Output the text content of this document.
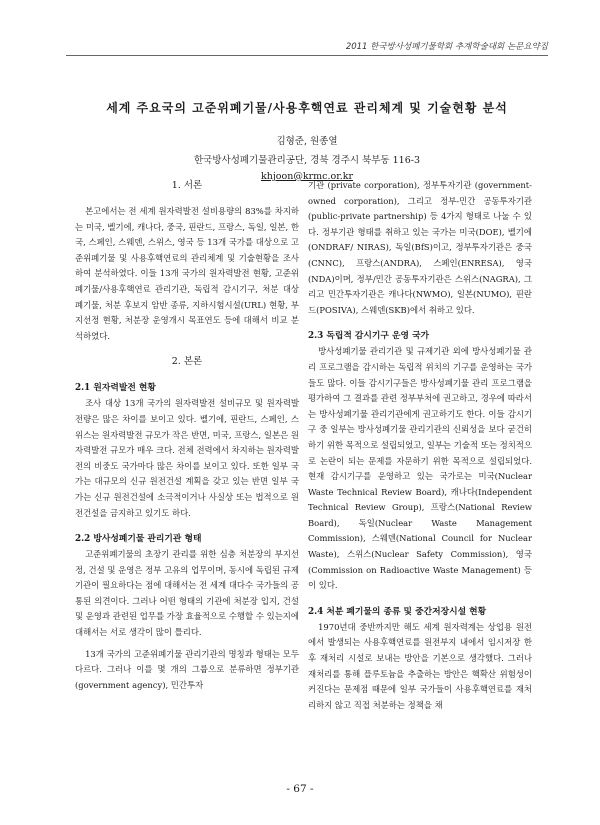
2011 한국방사성폐기물학회 추계학술대회 논문요약집

세계 주요국의 고준위폐기물/사용후핵연료 관리체계 및 기술현황 분석

김형준, 원종열

한국방사성폐기물관리공단, 경북 경주시 북부동 116-3

khjoon@krmc.or.kr

1. 서론

본고에서는 전 세계 원자력발전 설비용량의 83%를 차지하는 미국, 벨기에, 캐나다, 중국, 핀란드, 프랑스, 독일, 일본, 한국, 스페인, 스웨덴, 스위스, 영국 등 13개 국가를 대상으로 고준위폐기물 및 사용후핵연료의 관리체계 및 기술현황을 조사하여 분석하였다. 이들 13개 국가의 원자력발전 현황, 고준위폐기물/사용후핵연료 관리기관, 독립적 감시기구, 처분 대상 폐기물, 처분 후보지 암반 종류, 지하시험시설(URL) 현황, 부지선정 현황, 처분장 운영개시 목표연도 등에 대해서 비교 분석하였다.

2. 본론

2.1 원자력발전 현황

조사 대상 13개 국가의 원자력발전 설비규모 및 원자력발전량은 많은 차이를 보이고 있다. 벨기에, 핀란드, 스페인, 스위스는 원자력발전 규모가 작은 반면, 미국, 프랑스, 일본은 원자력발전 규모가 매우 크다. 전체 전력에서 차지하는 원자력발전의 비중도 국가마다 많은 차이를 보이고 있다. 또한 일부 국가는 대규모의 신규 원전건설 계획을 갖고 있는 반면 일부 국가는 신규 원전건설에 소극적이거나 사실상 또는 법적으로 원전건설을 금지하고 있기도 하다.

2.2 방사성폐기물 관리기관 형태

고준위폐기물의 초장기 관리를 위한 심층 처분장의 부지선정, 건설 및 운영은 정부 고유의 업무이며, 동시에 독립된 규제기관이 필요하다는 점에 대해서는 전 세계 대다수 국가들의 공통된 의견이다. 그러나 어떤 형태의 기관에 처분장 입지, 건설 및 운영과 관련된 업무를 가장 효율적으로 수행할 수 있는지에 대해서는 서로 생각이 많이 틀리다.

13개 국가의 고준위폐기물 관리기관의 명칭과 형태는 모두 다르다. 그러나 이를 몇 개의 그룹으로 분류하면 정부기관 (government agency), 민간투자

기관 (private corporation), 정부투자기관 (government-owned corporation), 그리고 정부-민간 공동투자기관 (public-private partnership) 등 4가지 형태로 나눌 수 있다. 정부기관 형태를 취하고 있는 국가는 미국(DOE), 벨기에(ONDRAF/ NIRAS), 독일(BfS)이고, 정부투자기관은 중국(CNNC), 프랑스(ANDRA), 스페인(ENRESA), 영국(NDA)이며, 정부/민간 공동투자기관은 스위스(NAGRA), 그리고 민간투자기관은 캐나다(NWMO), 일본(NUMO), 핀란드(POSIVA), 스웨덴(SKB)에서 취하고 있다.

2.3 독립적 감시기구 운영 국가

방사성폐기물 관리기관 및 규제기관 외에 방사성폐기물 관리 프로그램을 감시하는 독립적 위치의 기구를 운영하는 국가들도 많다. 이들 감시기구들은 방사성폐기물 관리 프로그램을 평가하여 그 결과를 관련 정부부처에 권고하고, 경우에 따라서는 방사성폐기물 관리기관에게 권고하기도 한다. 이들 감시기구 중 일부는 방사성폐기물 관리기관의 신뢰성을 보다 굳건히 하기 위한 목적으로 설립되었고, 일부는 기술적 또는 정치적으로 논란이 되는 문제를 자문하기 위한 목적으로 설립되었다. 현재 감시기구를 운영하고 있는 국가로는 미국(Nuclear Waste Technical Review Board), 캐나다(Independent Technical Review Group), 프랑스(National Review Board), 독일(Nuclear Waste Management Commission), 스웨덴(National Council for Nuclear Waste), 스위스(Nuclear Safety Commission), 영국(Commission on Radioactive Waste Management) 등이 있다.

2.4 처분 폐기물의 종류 및 중간저장시설 현황

1970년대 중반까지만 해도 세계 원자력계는 상업용 원전에서 발생되는 사용후핵연료를 원전부지 내에서 임시저장 한 후 재처리 시설로 보내는 방안을 기본으로 생각했다. 그러나 재처리를 통해 플루토늄을 추출하는 방안은 핵확산 위험성이 커진다는 문제점 때문에 일부 국가들이 사용후핵연료를 재처리하지 않고 직접 처분하는 정책을 채

- 67 -
